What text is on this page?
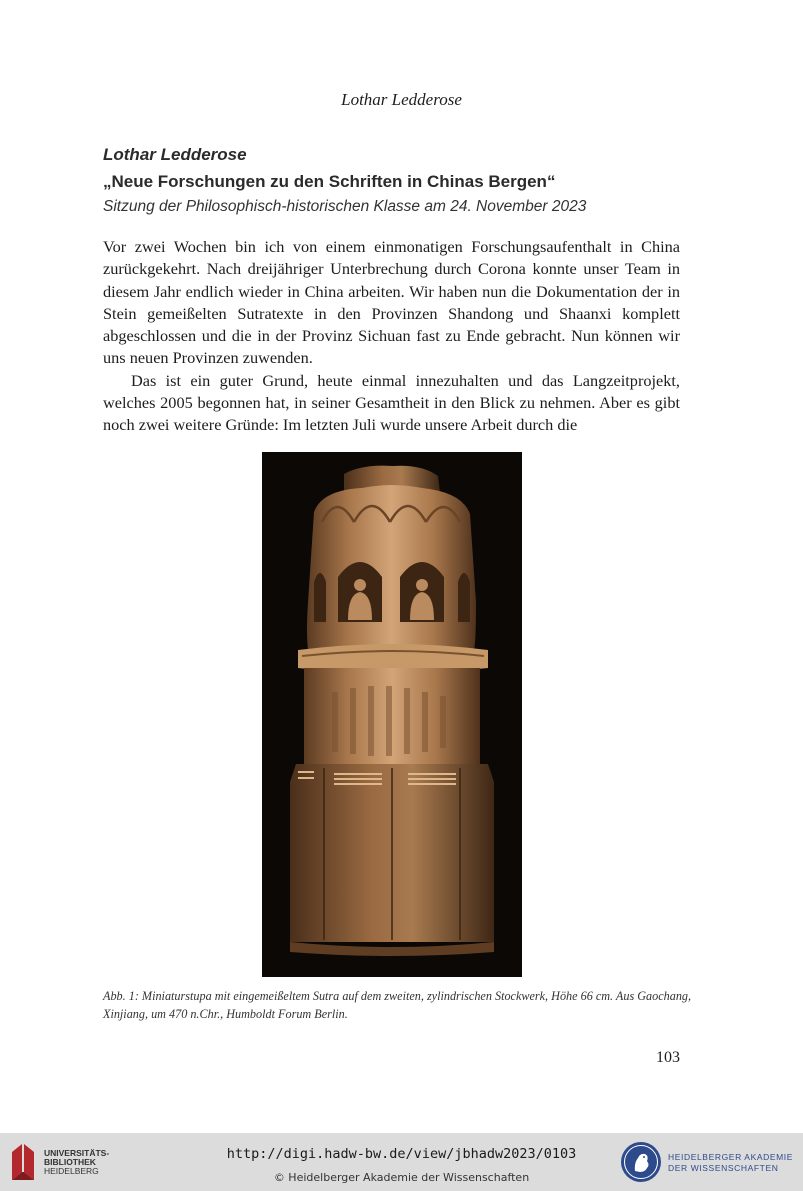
Lothar Ledderose
Lothar Ledderose
„Neue Forschungen zu den Schriften in Chinas Bergen“
Sitzung der Philosophisch-historischen Klasse am 24. November 2023

Vor zwei Wochen bin ich von einem einmonatigen Forschungsaufenthalt in China zurückgekehrt. Nach dreijähriger Unterbrechung durch Corona konnte unser Team in diesem Jahr endlich wieder in China arbeiten. Wir haben nun die Dokumentation der in Stein gemeißelten Sutratexte in den Provinzen Shandong und Shaanxi komplett abgeschlossen und die in der Provinz Sichuan fast zu Ende gebracht. Nun können wir uns neuen Provinzen zuwenden.

Das ist ein guter Grund, heute einmal innezuhalten und das Langzeitprojekt, welches 2005 begonnen hat, in seiner Gesamtheit in den Blick zu nehmen. Aber es gibt noch zwei weitere Gründe: Im letzten Juli wurde unsere Arbeit durch die

Abb. 1: Miniaturstupa mit eingemeißeltem Sutra auf dem zweiten, zylindrischen Stockwerk, Höhe 66 cm. Aus Gaochang, Xinjiang, um 470 n.Chr., Humboldt Forum Berlin.
103
UNIVERSITÄTS-
BIBLIOTHEK
HEIDELBERG
http://digi.hadw-bw.de/view/jbhadw2023/0103
© Heidelberger Akademie der Wissenschaften
HEIDELBERGER AKADEMIE
DER WISSENSCHAFTEN
